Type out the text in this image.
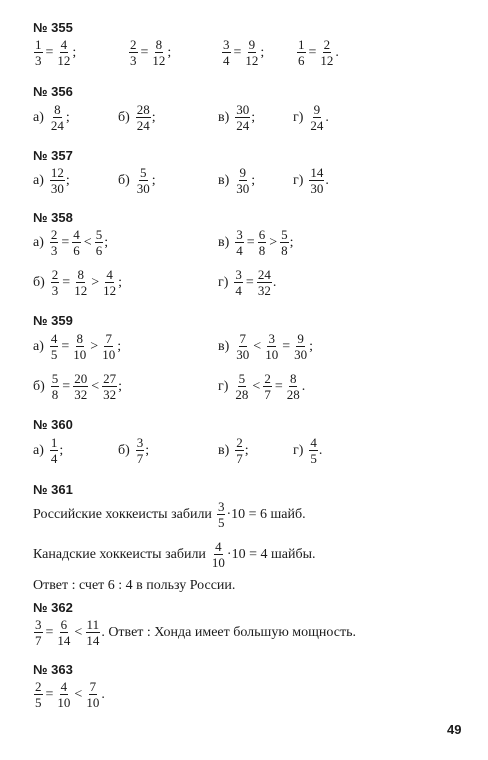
№ 355
$\frac{1}{3} = \frac{4}{12}$ ;	$\frac{2}{3} = \frac{8}{12}$ ;	$\frac{3}{4} = \frac{9}{12}$ ;	$\frac{1}{6} = \frac{2}{12}$ .
№ 356
$а) \frac{8}{24}$ ;	$б) \frac{28}{24}$ ;	$в) \frac{30}{24}$ ;	$г) \frac{9}{24}$ .
№ 357
$а) \frac{12}{30}$ ;	$б) \frac{5}{30}$ ;	$в) \frac{9}{30}$ ;	$г) \frac{14}{30}$ .
№ 358
$а) \frac{2}{3} = \frac{4}{6} < \frac{5}{6}$ ;	$в) \frac{3}{4} = \frac{6}{8} > \frac{5}{8}$ ;
$б) \frac{2}{3} = \frac{8}{12} > \frac{4}{12}$ ;	$г) \frac{3}{4} = \frac{24}{32}$ .
№ 359
$а) \frac{4}{5} = \frac{8}{10} > \frac{7}{10}$ ;	$в) \frac{7}{30} < \frac{3}{10} = \frac{9}{30}$ ;
$б) \frac{5}{8} = \frac{20}{32} < \frac{27}{32}$ ;	$г) \frac{5}{28} < \frac{2}{7} = \frac{8}{28}$ .
№ 360
$а) \frac{1}{4}$ ;	$б) \frac{3}{7}$ ;	$в) \frac{2}{7}$ ;	$г) \frac{4}{5}$ .
№ 361
Российские хоккеисты забили $\frac{3}{5} \cdot 10 = 6$ шайб.
Канадские хоккеисты забили $\frac{4}{10} \cdot 10 = 4$ шайбы.
Ответ : счет 6 : 4 в пользу России.
№ 362
$\frac{3}{7} = \frac{6}{14} < \frac{11}{14}$ . Ответ : Хонда имеет большую мощность.
№ 363
$\frac{2}{5} = \frac{4}{10} < \frac{7}{10}$ .
49
